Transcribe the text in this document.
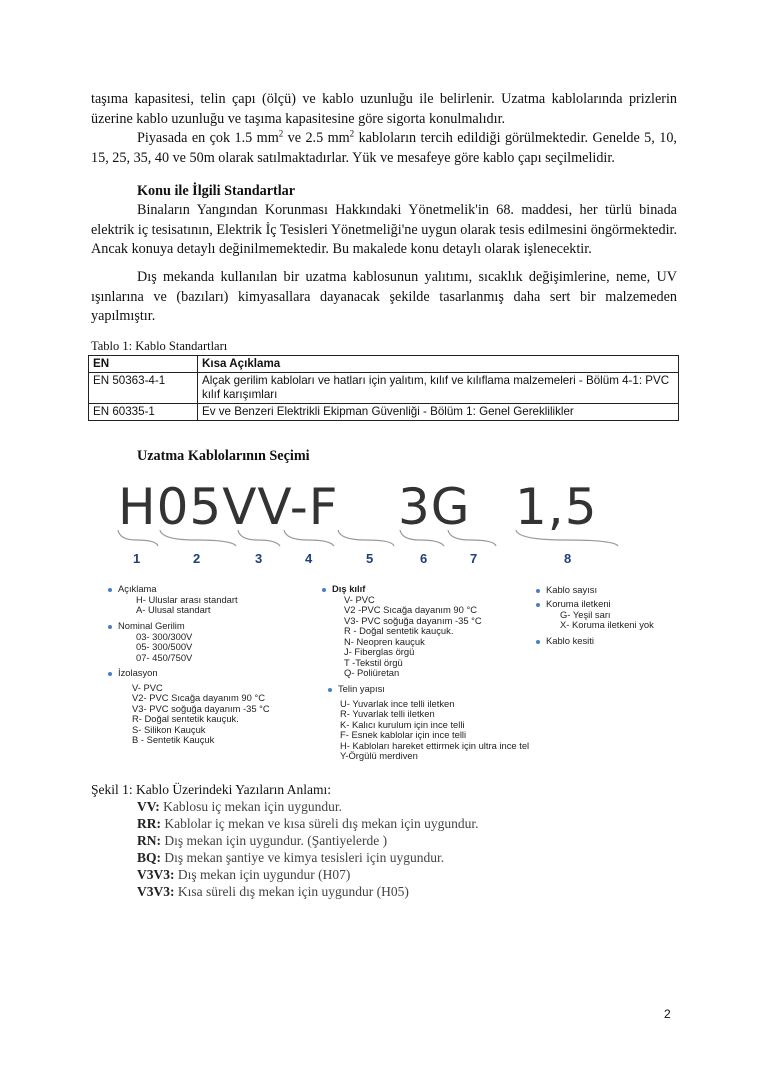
taşıma kapasitesi, telin çapı (ölçü) ve kablo uzunluğu ile belirlenir. Uzatma kablolarında prizlerin üzerine kablo uzunluğu ve taşıma kapasitesine göre sigorta konulmalıdır.
Piyasada en çok 1.5 $mm^2$ ve 2.5 $mm^2$ kabloların tercih edildiği görülmektedir. Genelde 5, 10, 15, 25, 35, 40 ve 50m olarak satılmaktadırlar. Yük ve mesafeye göre kablo çapı seçilmelidir.
Konu ile İlgili Standartlar
Binaların Yangından Korunması Hakkındaki Yönetmelik'in 68. maddesi, her türlü binada elektrik iç tesisatının, Elektrik İç Tesisleri Yönetmeliği'ne uygun olarak tesis edilmesini öngörmektedir. Ancak konuya detaylı değinilmemektedir. Bu makalede konu detaylı olarak işlenecektir.
Dış mekanda kullanılan bir uzatma kablosunun yalıtımı, sıcaklık değişimlerine, neme, UV ışınlarına ve (bazıları) kimyasallara dayanacak şekilde tasarlanmış daha sert bir malzemeden yapılmıştır.
Tablo 1: Kablo Standartları
EN	Kısa Açıklama
EN 50363-4-1	Alçak gerilim kabloları ve hatları için yalıtım, kılıf ve kılıflama malzemeleri - Bölüm 4-1: PVC kılıf karışımları
EN 60335-1	Ev ve Benzeri Elektrikli Ekipman Güvenliği - Bölüm 1: Genel Gereklilikler
Uzatma Kablolarının Seçimi
H05VV-F 3G 1,5
1	2	3	4	5	6	7	8
Açıklama
H- Uluslar arası standart
A- Ulusal standart
Nominal Gerilim
03- 300/300V
05- 300/500V
07- 450/750V
İzolasyon
V- PVC
V2- PVC Sıcağa dayanım 90 °C
V3- PVC soğuğa dayanım -35 °C
R- Doğal sentetik kauçuk.
S- Silikon Kauçuk
B - Sentetik Kauçuk
Dış kılıf
V- PVC
V2 -PVC Sıcağa dayanım 90 °C
V3- PVC soğuğa dayanım -35 °C
R - Doğal sentetik kauçuk.
N- Neopren kauçuk
J- Fiberglas örgü
T -Tekstil örgü
Q- Poliüretan
Telin yapısı
U- Yuvarlak ince telli iletken
R- Yuvarlak telli iletken
K- Kalıcı kurulum için ince telli
F- Esnek kablolar için ince telli
H- Kabloları hareket ettirmek için ultra ince tel
Y-Örgülü merdiven
Kablo sayısı
Koruma iletkeni
G- Yeşil sarı
X- Koruma iletkeni yok
Kablo kesiti
Şekil 1: Kablo Üzerindeki Yazıların Anlamı:
VV: Kablosu iç mekan için uygundur.
RR: Kablolar iç mekan ve kısa süreli dış mekan için uygundur.
RN: Dış mekan için uygundur. (Şantiyelerde )
BQ: Dış mekan şantiye ve kimya tesisleri için uygundur.
V3V3: Dış mekan için uygundur (H07)
V3V3: Kısa süreli dış mekan için uygundur (H05)
2
